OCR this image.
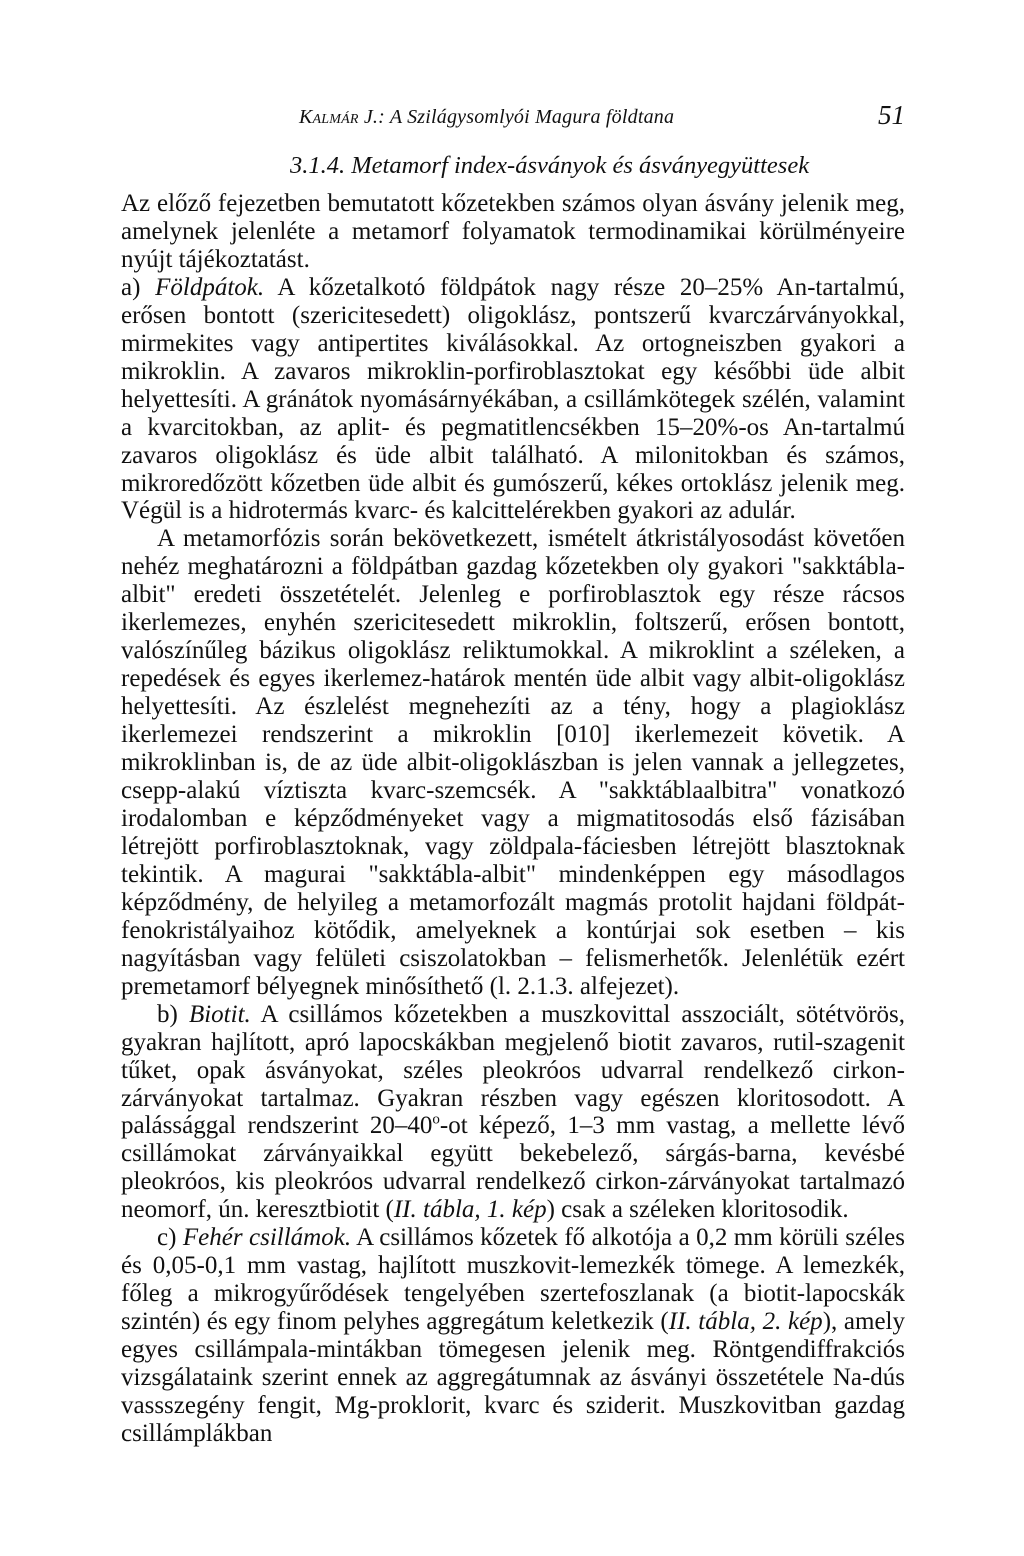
Kalmár J.: A Szilágysomlyói Magura földtana	51
3.1.4. Metamorf index-ásványok és ásványegyüttesek

Az előző fejezetben bemutatott kőzetekben számos olyan ásvány jelenik meg, amelynek jelenléte a metamorf folyamatok termodinamikai körülményeire nyújt tájékoztatást.

a) Földpátok. A kőzetalkotó földpátok nagy része 20–25% An-tartalmú, erősen bontott (szericitesedett) oligoklász, pontszerű kvarczárványokkal, mirmekites vagy antipertites kiválásokkal. Az ortogneiszben gyakori a mikroklin. A zavaros mikroklin-porfiroblasztokat egy későbbi üde albit helyettesíti. A gránátok nyomásárnyékában, a csillámkötegek szélén, valamint a kvarcitokban, az aplit- és pegmatitlencsékben 15–20%-os An-tartalmú zavaros oligoklász és üde albit található. A milonitokban és számos, mikroredőzött kőzetben üde albit és gumószerű, kékes ortoklász jelenik meg. Végül is a hidrotermás kvarc- és kalcittelérekben gyakori az adulár.

A metamorfózis során bekövetkezett, ismételt átkristályosodást követően nehéz meghatározni a földpátban gazdag kőzetekben oly gyakori "sakktábla-albit" eredeti összetételét. Jelenleg e porfiroblasztok egy része rácsos ikerlemezes, enyhén szericitesedett mikroklin, foltszerű, erősen bontott, valószínűleg bázikus oligoklász reliktumokkal. A mikroklint a széleken, a repedések és egyes ikerlemez-határok mentén üde albit vagy albit-oligoklász helyettesíti. Az észlelést megnehezíti az a tény, hogy a plagioklász ikerlemezei rendszerint a mikroklin [010] ikerlemezeit követik. A mikroklinban is, de az üde albit-oligoklászban is jelen vannak a jellegzetes, csepp-alakú víztiszta kvarc-szemcsék. A "sakktáblaalbitra" vonatkozó irodalomban e képződményeket vagy a migmatitosodás első fázisában létrejött porfiroblasztoknak, vagy zöldpala-fáciesben létrejött blasztoknak tekintik. A magurai "sakktábla-albit" mindenképpen egy másodlagos képződmény, de helyileg a metamorfozált magmás protolit hajdani földpát-fenokristályaihoz kötődik, amelyeknek a kontúrjai sok esetben – kis nagyításban vagy felületi csiszolatokban – felismerhetők. Jelenlétük ezért premetamorf bélyegnek minősíthető (l. 2.1.3. alfejezet).

b) Biotit. A csillámos kőzetekben a muszkovittal asszociált, sötétvörös, gyakran hajlított, apró lapocskákban megjelenő biotit zavaros, rutil-szagenit tűket, opak ásványokat, széles pleokróos udvarral rendelkező cirkon-zárványokat tartalmaz. Gyakran részben vagy egészen kloritosodott. A palássággal rendszerint 20–40$^o$-ot képező, 1–3 mm vastag, a mellette lévő csillámokat zárványaikkal együtt bekebelező, sárgás-barna, kevésbé pleokróos, kis pleokróos udvarral rendelkező cirkon-zárványokat tartalmazó neomorf, ún. keresztbiotit (II. tábla, 1. kép) csak a széleken kloritosodik.

c) Fehér csillámok. A csillámos kőzetek fő alkotója a 0,2 mm körüli széles és 0,05-0,1 mm vastag, hajlított muszkovit-lemezkék tömege. A lemezkék, főleg a mikrogyűrődések tengelyében szertefoszlanak (a biotit-lapocskák szintén) és egy finom pelyhes aggregátum keletkezik (II. tábla, 2. kép), amely egyes csillámpala-mintákban tömegesen jelenik meg. Röntgendiffrakciós vizsgálataink szerint ennek az aggregátumnak az ásványi összetétele Na-dús vassszegény fengit, Mg-proklorit, kvarc és sziderit. Muszkovitban gazdag csillámplákban
